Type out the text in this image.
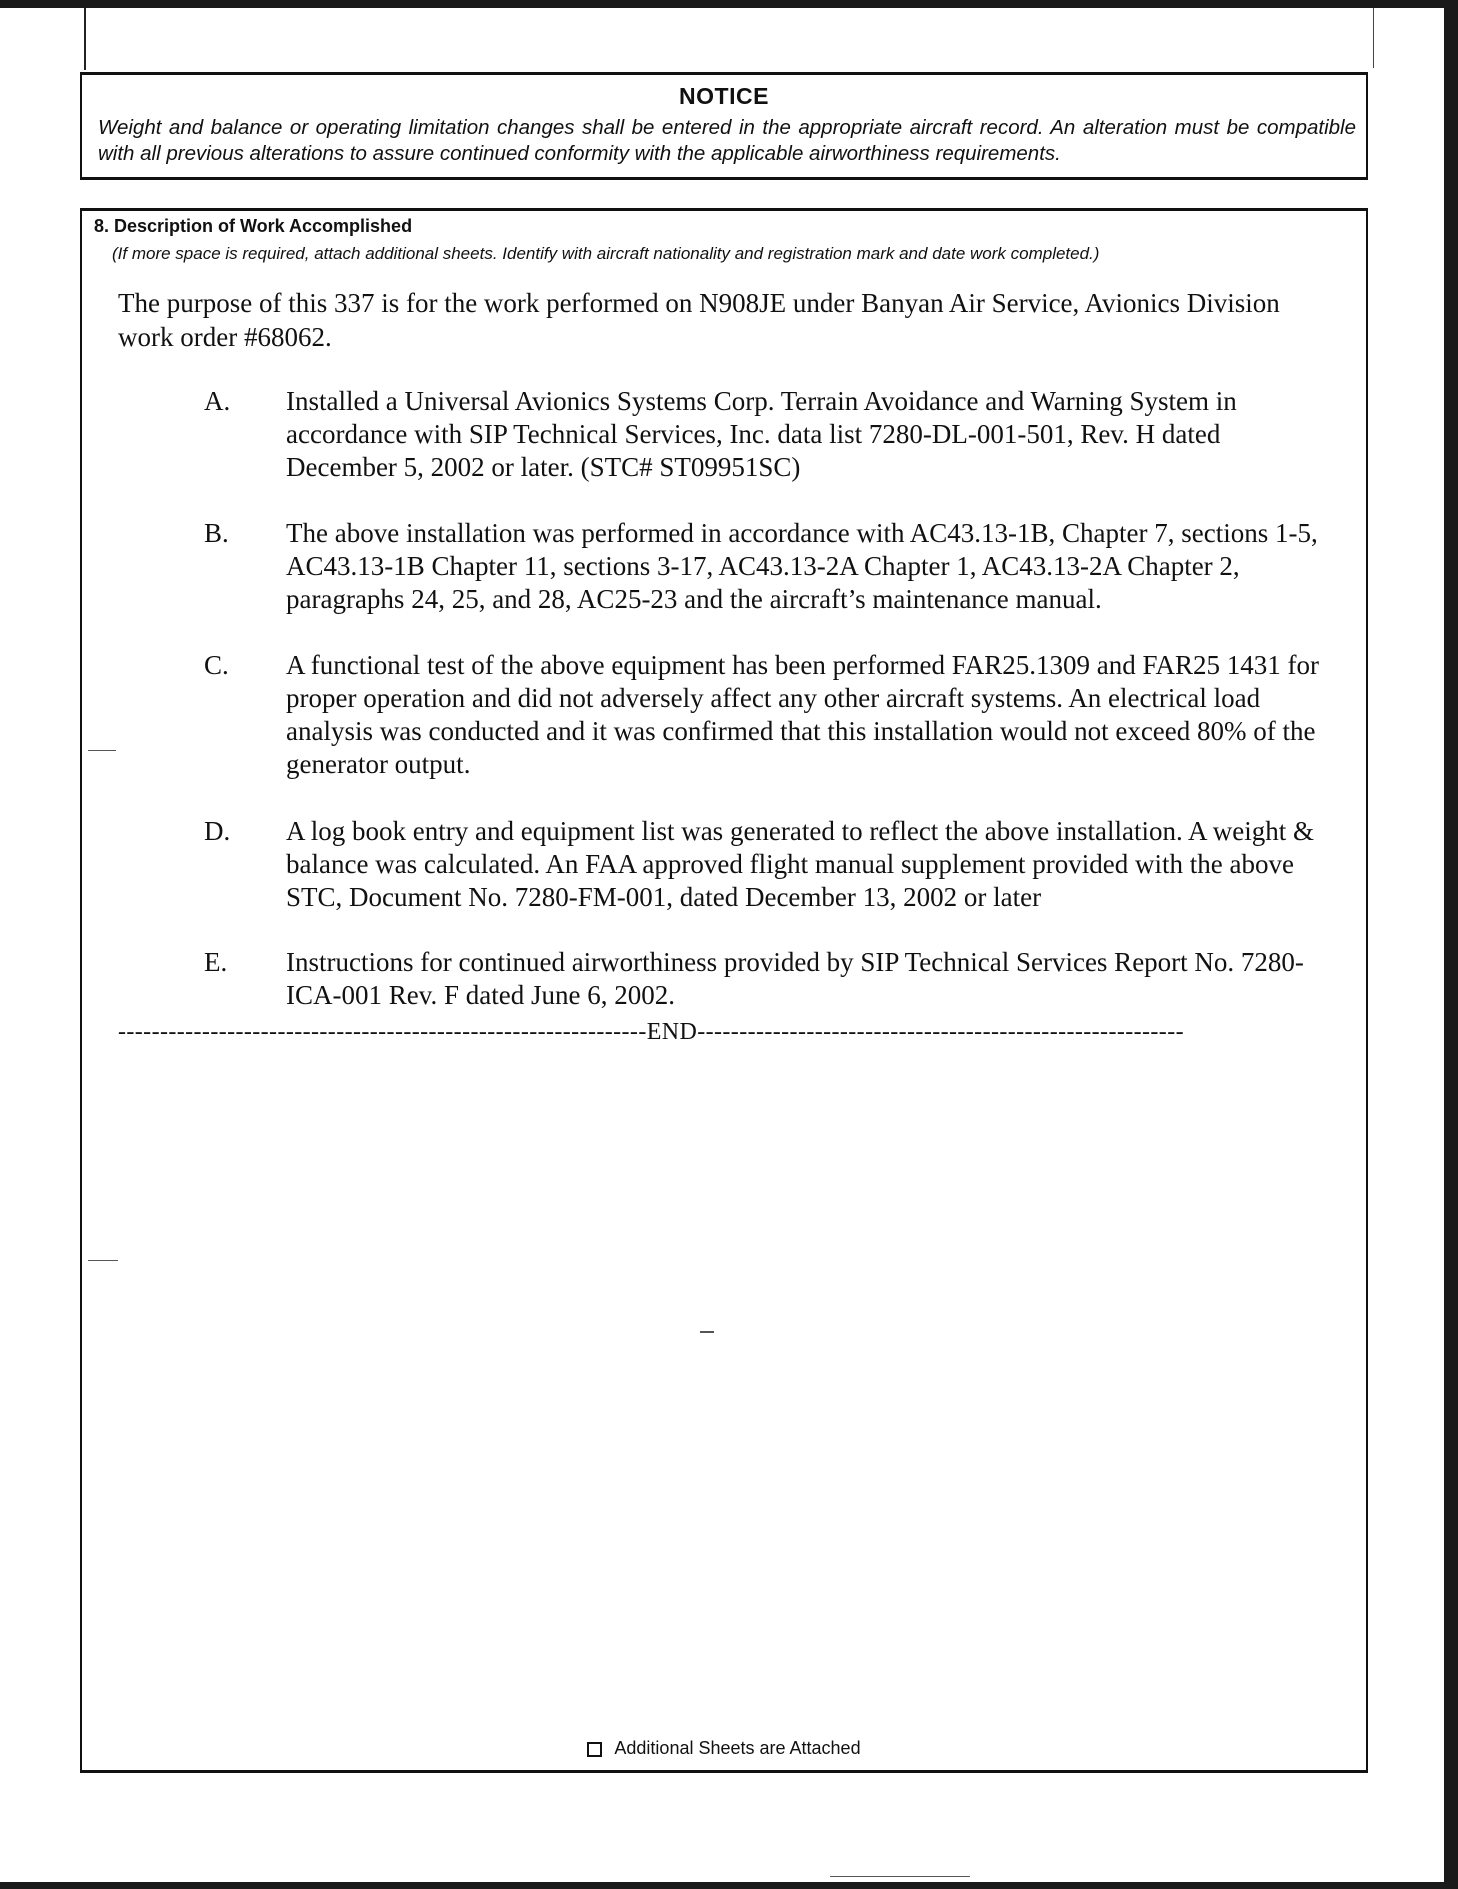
NOTICE
Weight and balance or operating limitation changes shall be entered in the appropriate aircraft record. An alteration must be compatible with all previous alterations to assure continued conformity with the applicable airworthiness requirements.
8. Description of Work Accomplished
(If more space is required, attach additional sheets. Identify with aircraft nationality and registration mark and date work completed.)
The purpose of this 337 is for the work performed on N908JE under Banyan Air Service, Avionics Division work order #68062.
A. Installed a Universal Avionics Systems Corp. Terrain Avoidance and Warning System in accordance with SIP Technical Services, Inc. data list 7280-DL-001-501, Rev. H dated December 5, 2002 or later. (STC# ST09951SC)
B. The above installation was performed in accordance with AC43.13-1B, Chapter 7, sections 1-5, AC43.13-1B Chapter 11, sections 3-17, AC43.13-2A Chapter 1, AC43.13-2A Chapter 2, paragraphs 24, 25, and 28, AC25-23 and the aircraft’s maintenance manual.
C. A functional test of the above equipment has been performed FAR25.1309 and FAR25 1431 for proper operation and did not adversely affect any other aircraft systems. An electrical load analysis was conducted and it was confirmed that this installation would not exceed 80% of the generator output.
D. A log book entry and equipment list was generated to reflect the above installation. A weight & balance was calculated. An FAA approved flight manual supplement provided with the above STC, Document No. 7280-FM-001, dated December 13, 2002 or later
E. Instructions for continued airworthiness provided by SIP Technical Services Report No. 7280-ICA-001 Rev. F dated June 6, 2002.
---------------------------------------------------------------END----------------------------------------------------------
Additional Sheets are Attached
